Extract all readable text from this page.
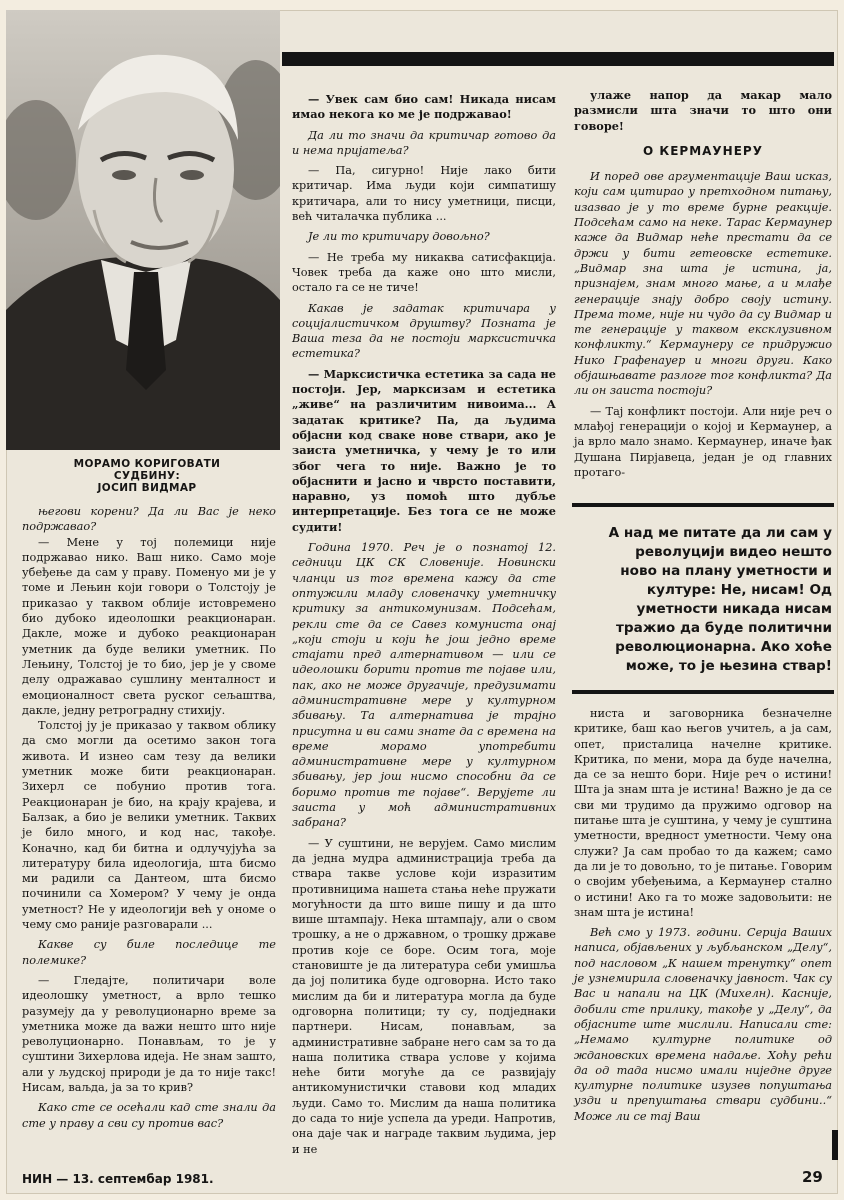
МОРАМО КОРИГОВАТИ СУДБИНУ:
ЈОСИП ВИДМАР

његови корени? Да ли Вас је неко подржавао?

— Мене у тој полемици није подржавао нико. Ваш нико. Само моје убеђење да сам у праву. Поменуо ми је у томе и Лењин који говори о Толстоју је приказао у таквом облије истовремено био дубоко идеолошки реакционаран. Дакле, може и дубоко реакционаран уметник да буде велики уметник. По Лењину, Толстој је то био, јер је у своме делу одражавао сушлину менталност и емоционалност света руског сељаштва, дакле, једну ретроградну стихију.

Толстој ју је приказао у таквом облику да смо могли да осетимо закон тога живота. И изнео сам тезу да велики уметник може бити реакционаран. Зихерл се побунио против тога. Реакционаран је био, на крају крајева, и Балзак, а био је велики уметник. Таквих је било много, и код нас, такође. Коначно, кад би битна и одлучујућа за литературу била идеологија, шта бисмо ми радили са Дантеом, шта бисмо починили са Хомером? У чему је онда уметност? Не у идеологији већ у ономе о чему смо раније разговарали ...

Какве су биле последице те полемике?

— Гледајте, политичари воле идеолошку уметност, а врло тешко разумеју да у револуционарно време за уметника може да важи нешто што није револуционарно. Понављам, то је у суштини Зихерлова идеја. Не знам зашто, али у људској природи је да то није такс! Нисам, ваљда, ја за то крив?

Како сте се осећали кад сте знали да сте у праву а сви су против вас?

— Увек сам био сам! Никада нисам имао некога ко ме је подржавао!

Да ли то значи да критичар готово да и нема пријатеља?

— Па, сигурно! Није лако бити критичар. Има људи који симпатишу критичара, али то нису уметници, писци, већ читалачка публика ...

Је ли то критичару довољно?

— Не треба му никаква сатисфакција. Човек треба да каже оно што мисли, остало га се не тиче!

Какав је задатак критичара у социјалистичком друштву? Позната је Ваша теза да не постоји марксистичка естетика?

— Марксистичка естетика за сада не постоји. Јер, марксизам и естетика „живе“ на различитим нивоима... А задатак критике? Па, да људима објасни код сваке нове ствари, ако је заиста уметничка, у чему је то или због чега то није. Важно је то објаснити и јасно и чврсто поставити, наравно, уз помоћ што дубље интерпретације. Без тога се не може судити!

Година 1970. Реч је о познатој 12. седници ЦК СК Словеније. Новински чланци из тог времена кажу да сте оптужили младу словеначку уметничку критику за антикомунизам. Подсећам, рекли сте да се Савез комуниста онај „који стоји и који ће још једно време стајати пред алтернативом — или се идеолошки борити против те појаве или, пак, ако не може другачије, предузимати административне мере у културном збивању. Та алтернатива је трајно присутна и ви сами знате да с времена на време морамо употребити административне мере у културном збивању, јер још нисмо способни да се боримо против те појаве“. Верујете ли заиста у моћ административних забрана?

— У суштини, не верујем. Само мислим да једна мудра администрација треба да ствара такве услове који изразитим противницима нашета стања неће пружати могућности да што више пишу и да што више штампају. Нека штампају, али о свом трошку, а не о државном, о трошку државе против које се боре. Осим тога, моје становиште је да литература себи умишља да јој политика буде одговорна. Исто тако мислим да би и литература могла да буде одговорна политици; ту су, подједнаки партнери. Нисам, понављам, за административне забране него сам за то да наша политика ствара услове у којима неће бити могуће да се развијају антикомунистички ставови код младих људи. Само то. Мислим да наша политика до сада то није успела да уреди. Напротив, она даје чак и награде таквим људима, јер и не

улаже напор да макар мало размисли шта значи то што они говоре!

О КЕРМАУНЕРУ

И поред ове аргументације Ваш исказ, који сам цитирао у претходном питању, изазвао је у то време бурне реакције. Подсећам само на неке. Тарас Кермаунер каже да Видмар неће престати да се држи у бити гетеовске естетике. „Видмар зна шта је истина, ја, признајем, знам много мање, а и млађе генерације знају добро своју истину. Према томе, није ни чудо да су Видмар и те генерације у таквом ексклузивном конфликту.“ Кермаунеру се придружио Нико Графенауер и многи други. Како објашњавате разлоге тог конфликта? Да ли он заиста постоји?

— Тај конфликт постоји. Али није реч о млађој генерацији о којој и Кермаунер, а ја врло мало знамо. Кермаунер, иначе ђак Душана Пирјавеца, један је од главних протаго-

А над ме питате да ли сам у револуцији видео нешто ново на плану уметности и културе: Не, нисам! Од уметности никада нисам тражио да буде политични революционарна. Ако хоће може, то је њезина ствар!

ниста и заговорника безначелне критике, баш као његов учитељ, а ја сам, опет, присталица начелне критике. Критика, по мени, мора да буде начелна, да се за нешто бори. Није реч о истини! Шта ја знам шта је истина! Важно је да се сви ми трудимо да пружимо одговор на питање шта је суштина, у чему је суштина уметности, вредност уметности. Чему она служи? Ја сам пробао то да кажем; само да ли је то довољно, то је питање. Говорим о својим убеђењима, а Кермаунер стално о истини! Ако га то може задовољити: не знам шта је истина!

Већ смо у 1973. години. Серија Ваших написа, објављених у љубљанском „Делу“, под насловом „К нашем тренутку“ опет је узнемирила словеначку јавност. Чак су Вас и напали на ЦК (Михелн). Касније, добили сте прилику, такође у „Делу“, да објасните ште мислили. Написали сте: „Немамо културне политике од ждановских времена надаље. Хоћу рећи да од тада нисмо имали ниједне друге културне политике изузев попуштања узди и препуштања ствари судбини..“ Може ли се тај Ваш

НИН — 13. септембар 1981.	29
